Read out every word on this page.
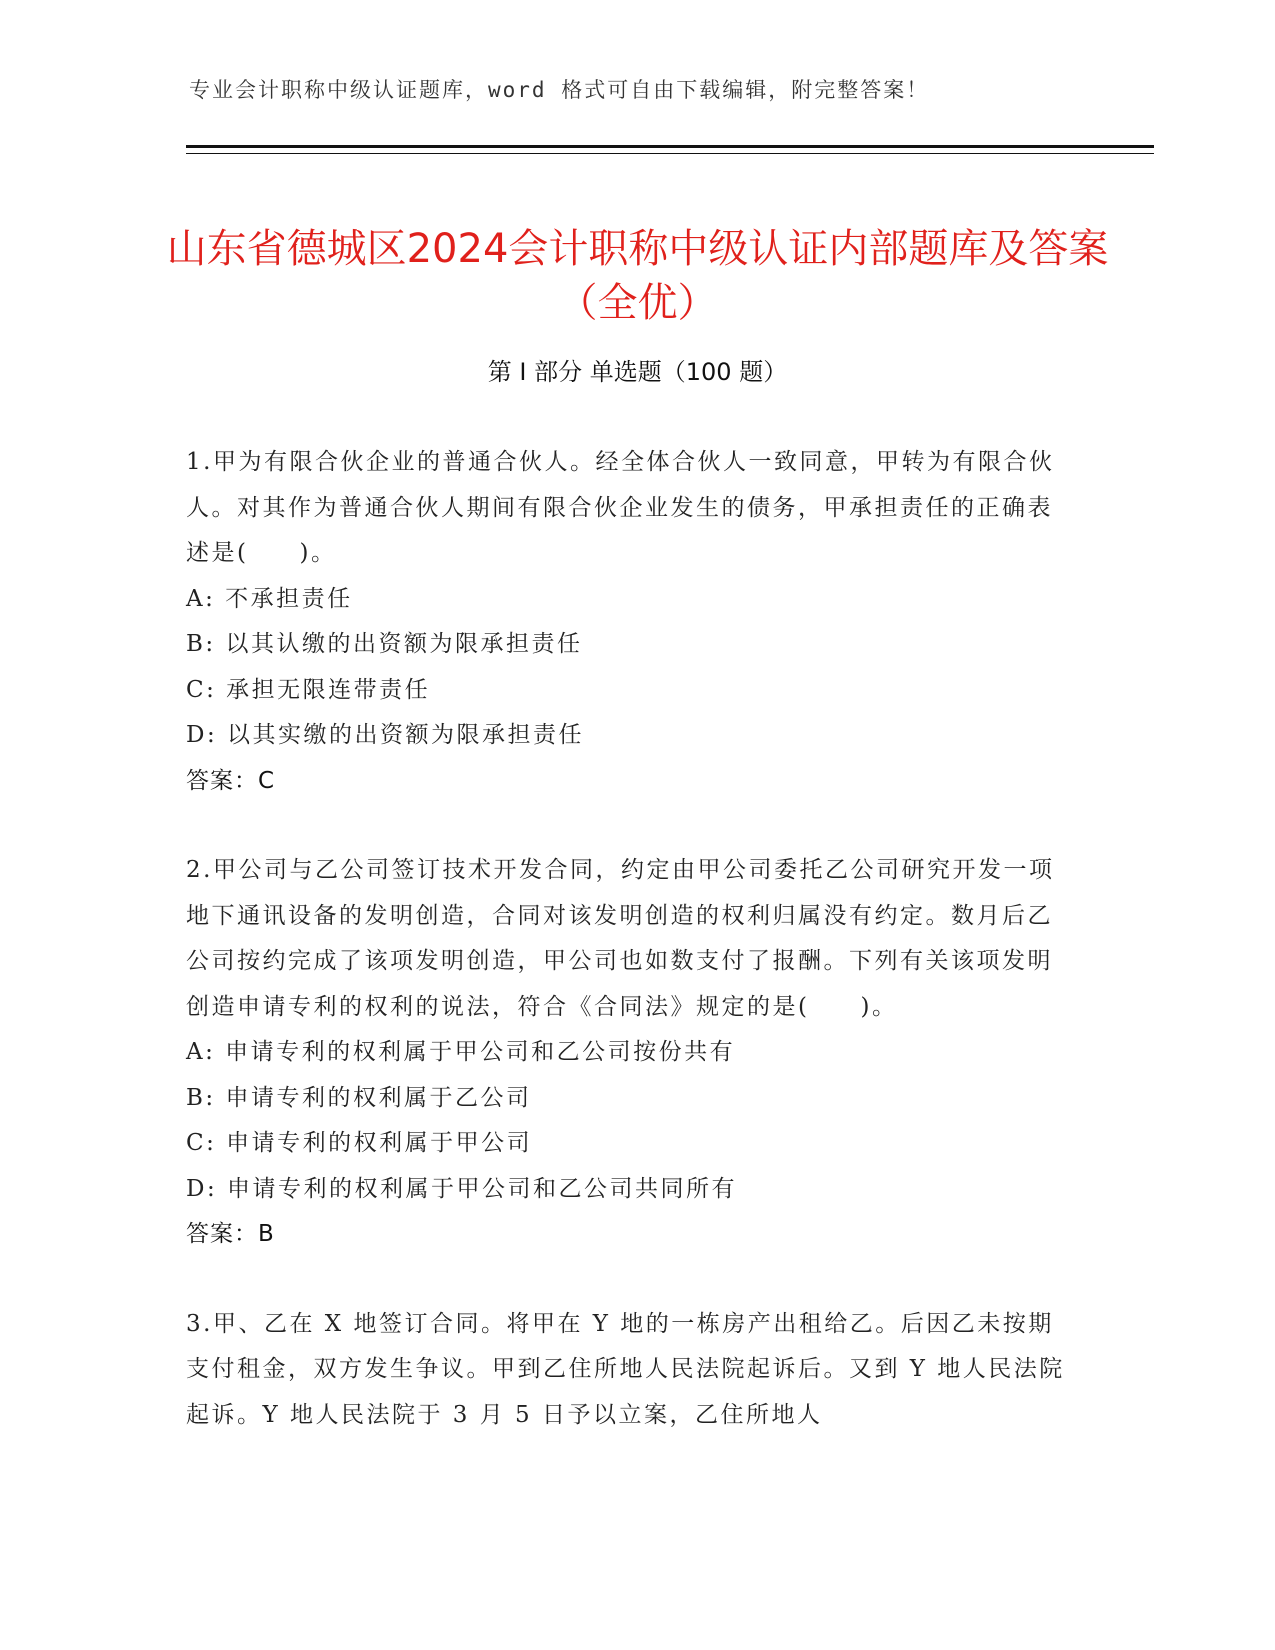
专业会计职称中级认证题库，word 格式可自由下载编辑，附完整答案！
山东省德城区2024会计职称中级认证内部题库及答案（全优）
第 I 部分 单选题（100 题）
1.甲为有限合伙企业的普通合伙人。经全体合伙人一致同意，甲转为有限合伙人。对其作为普通合伙人期间有限合伙企业发生的债务，甲承担责任的正确表述是(　　)。
A: 不承担责任
B: 以其认缴的出资额为限承担责任
C: 承担无限连带责任
D: 以其实缴的出资额为限承担责任
答案：C
2.甲公司与乙公司签订技术开发合同，约定由甲公司委托乙公司研究开发一项地下通讯设备的发明创造，合同对该发明创造的权利归属没有约定。数月后乙公司按约完成了该项发明创造，甲公司也如数支付了报酬。下列有关该项发明创造申请专利的权利的说法，符合《合同法》规定的是(　　)。
A: 申请专利的权利属于甲公司和乙公司按份共有
B: 申请专利的权利属于乙公司
C: 申请专利的权利属于甲公司
D: 申请专利的权利属于甲公司和乙公司共同所有
答案：B
3.甲、乙在 X 地签订合同。将甲在 Y 地的一栋房产出租给乙。后因乙未按期支付租金，双方发生争议。甲到乙住所地人民法院起诉后。又到 Y 地人民法院起诉。Y 地人民法院于 3 月 5 日予以立案，乙住所地人
